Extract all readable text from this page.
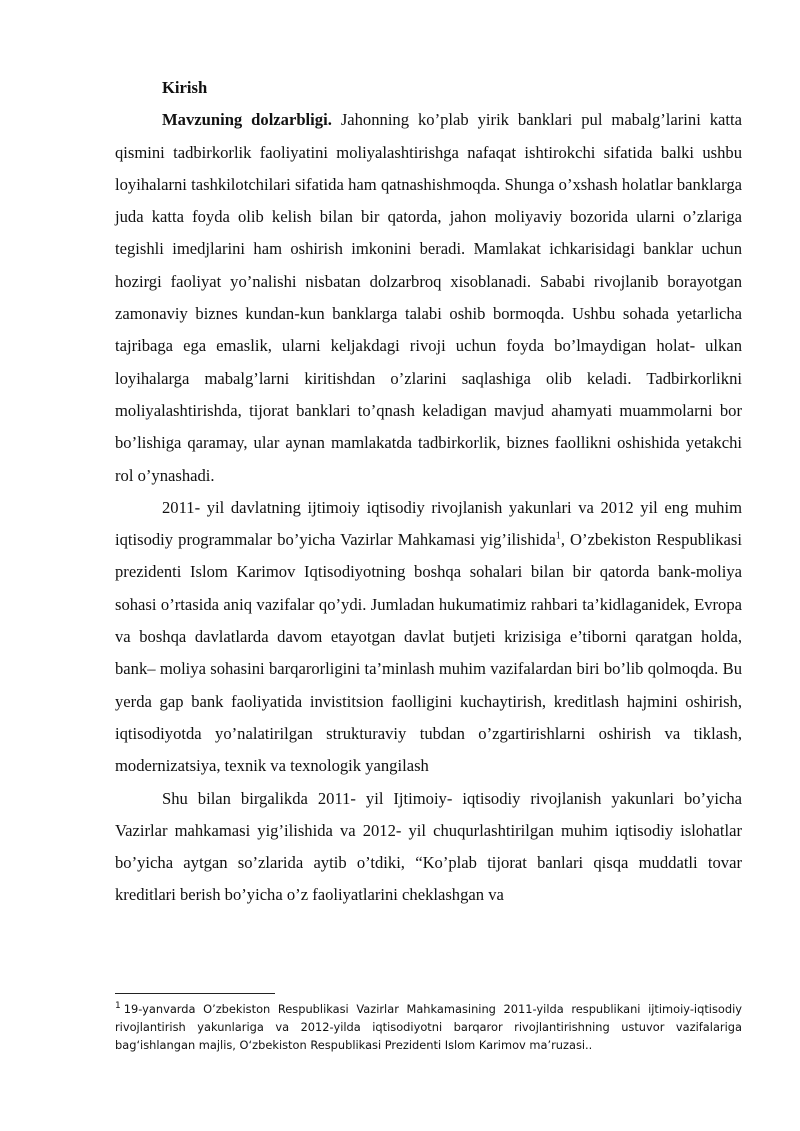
Kirish

Mavzuning dolzarbligi. Jahonning ko’plab yirik banklari pul mabalg’larini katta qismini tadbirkorlik faoliyatini moliyalashtirishga nafaqat ishtirokchi sifatida balki ushbu loyihalarni tashkilotchilari sifatida ham qatnashishmoqda. Shunga o’xshash holatlar banklarga juda katta foyda olib kelish bilan bir qatorda, jahon moliyaviy bozorida ularni o’zlariga tegishli imedjlarini ham oshirish imkonini beradi. Mamlakat ichkarisidagi banklar uchun hozirgi faoliyat yo’nalishi nisbatan dolzarbroq xisoblanadi. Sababi rivojlanib borayotgan zamonaviy biznes kundan-kun banklarga talabi oshib bormoqda. Ushbu sohada yetarlicha tajribaga ega emaslik, ularni keljakdagi rivoji uchun foyda bo’lmaydigan holat- ulkan loyihalarga mabalg’larni kiritishdan o’zlarini saqlashiga olib keladi. Tadbirkorlikni moliyalashtirishda, tijorat banklari to’qnash keladigan mavjud ahamyati muammolarni bor bo’lishiga qaramay, ular aynan mamlakatda tadbirkorlik, biznes faollikni oshishida yetakchi rol o’ynashadi.

2011- yil davlatning ijtimoiy iqtisodiy rivojlanish yakunlari va 2012 yil eng muhim iqtisodiy programmalar bo’yicha Vazirlar Mahkamasi yig’ilishida$^1$, O’zbekiston Respublikasi prezidenti Islom Karimov Iqtisodiyotning boshqa sohalari bilan bir qatorda bank-moliya sohasi o’rtasida aniq vazifalar qo’ydi. Jumladan hukumatimiz rahbari ta’kidlaganidek, Evropa va boshqa davlatlarda davom etayotgan davlat butjeti krizisiga e’tiborni qaratgan holda, bank– moliya sohasini barqarorligini ta’minlash muhim vazifalardan biri bo’lib qolmoqda. Bu yerda gap bank faoliyatida invistitsion faolligini kuchaytirish, kreditlash hajmini oshirish, iqtisodiyotda yo’nalatirilgan strukturaviy tubdan o’zgartirishlarni oshirish va tiklash, modernizatsiya, texnik va texnologik yangilash

Shu bilan birgalikda 2011- yil Ijtimoiy- iqtisodiy rivojlanish yakunlari bo’yicha Vazirlar mahkamasi yig’ilishida va 2012- yil chuqurlashtirilgan muhim iqtisodiy islohatlar bo’yicha aytgan so’zlarida aytib o’tdiki, “Ko’plab tijorat banlari qisqa muddatli tovar kreditlari berish bo’yicha o’z faoliyatlarini cheklashgan va

$^1$ 19-yanvarda O’zbekiston Respublikasi Vazirlar Mahkamasining 2011-yilda respublikani ijtimoiy-iqtisodiy rivojlantirish yakunlariga va 2012-yilda iqtisodiyotni barqaror rivojlantirishning ustuvor vazifalariga bag‘ishlangan majlis, O‘zbekiston Respublikasi Prezidenti Islom Karimov ma’ruzasi..
